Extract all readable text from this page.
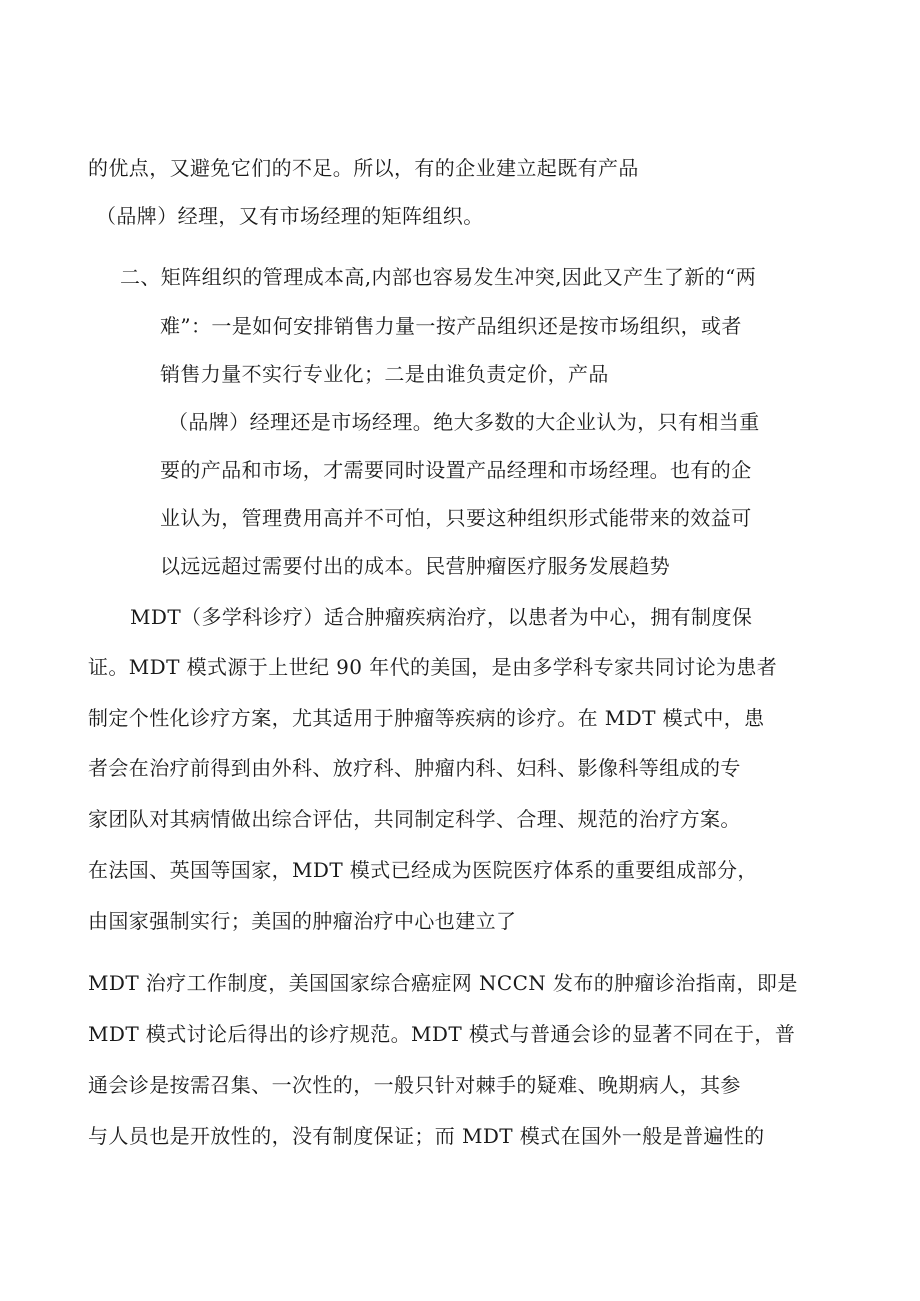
的优点，又避免它们的不足。所以，有的企业建立起既有产品

（品牌）经理，又有市场经理的矩阵组织。

二、矩阵组织的管理成本高,内部也容易发生冲突,因此又产生了新的“两

难”：一是如何安排销售力量一按产品组织还是按市场组织，或者

销售力量不实行专业化；二是由谁负责定价，产品

（品牌）经理还是市场经理。绝大多数的大企业认为，只有相当重

要的产品和市场，才需要同时设置产品经理和市场经理。也有的企

业认为，管理费用高并不可怕，只要这种组织形式能带来的效益可

以远远超过需要付出的成本。民营肿瘤医疗服务发展趋势

MDT（多学科诊疗）适合肿瘤疾病治疗，以患者为中心，拥有制度保

证。MDT 模式源于上世纪 90 年代的美国，是由多学科专家共同讨论为患者

制定个性化诊疗方案，尤其适用于肿瘤等疾病的诊疗。在 MDT 模式中，患

者会在治疗前得到由外科、放疗科、肿瘤内科、妇科、影像科等组成的专

家团队对其病情做出综合评估，共同制定科学、合理、规范的治疗方案。

在法国、英国等国家，MDT 模式已经成为医院医疗体系的重要组成部分，

由国家强制实行；美国的肿瘤治疗中心也建立了

MDT 治疗工作制度，美国国家综合癌症网 NCCN 发布的肿瘤诊治指南，即是

MDT 模式讨论后得出的诊疗规范。MDT 模式与普通会诊的显著不同在于，普

通会诊是按需召集、一次性的，一般只针对棘手的疑难、晚期病人，其参

与人员也是开放性的，没有制度保证；而 MDT 模式在国外一般是普遍性的
